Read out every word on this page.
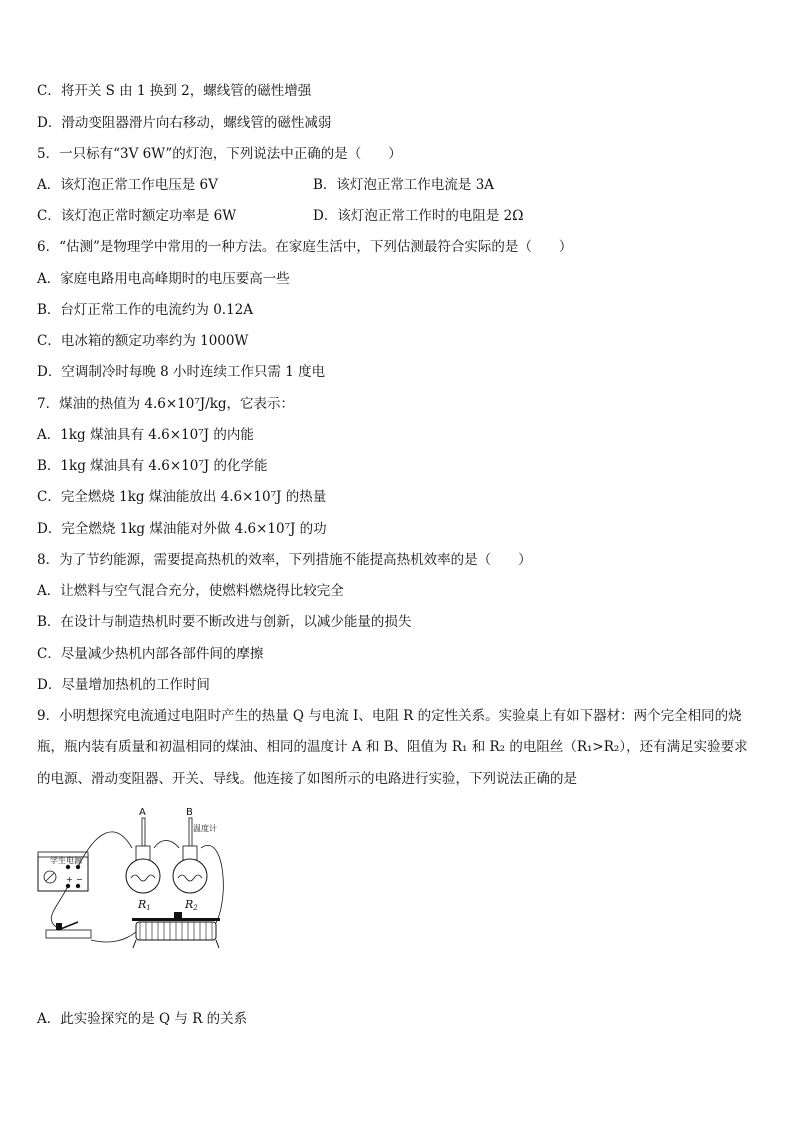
C．将开关 S 由 1 换到 2，螺线管的磁性增强
D．滑动变阻器滑片向右移动，螺线管的磁性减弱
5．一只标有“3V 6W”的灯泡，下列说法中正确的是（　　）
A．该灯泡正常工作电压是 6V	B．该灯泡正常工作电流是 3A
C．该灯泡正常时额定功率是 6W	D．该灯泡正常工作时的电阻是 2Ω
6．“估测”是物理学中常用的一种方法。在家庭生活中，下列估测最符合实际的是（　　）
A．家庭电路用电高峰期时的电压要高一些
B．台灯正常工作的电流约为 0.12A
C．电冰箱的额定功率约为 1000W
D．空调制冷时每晚 8 小时连续工作只需 1 度电
7．煤油的热值为 4.6×10⁷J/kg，它表示：
A．1kg 煤油具有 4.6×10⁷J 的内能
B．1kg 煤油具有 4.6×10⁷J 的化学能
C．完全燃烧 1kg 煤油能放出 4.6×10⁷J 的热量
D．完全燃烧 1kg 煤油能对外做 4.6×10⁷J 的功
8．为了节约能源，需要提高热机的效率，下列措施不能提高热机效率的是（　　）
A．让燃料与空气混合充分，使燃料燃烧得比较完全
B．在设计与制造热机时要不断改进与创新，以减少能量的损失
C．尽量减少热机内部各部件间的摩擦
D．尽量增加热机的工作时间
9．小明想探究电流通过电阻时产生的热量 Q 与电流 I、电阻 R 的定性关系。实验桌上有如下器材：两个完全相同的烧
瓶，瓶内装有质量和初温相同的煤油、相同的温度计 A 和 B、阻值为 R₁ 和 R₂ 的电阻丝（R₁>R₂），还有满足实验要求
的电源、滑动变阻器、开关、导线。他连接了如图所示的电路进行实验，下列说法正确的是
学生电源
+ −
A	B
温度计
R1	R2
A．此实验探究的是 Q 与 R 的关系
